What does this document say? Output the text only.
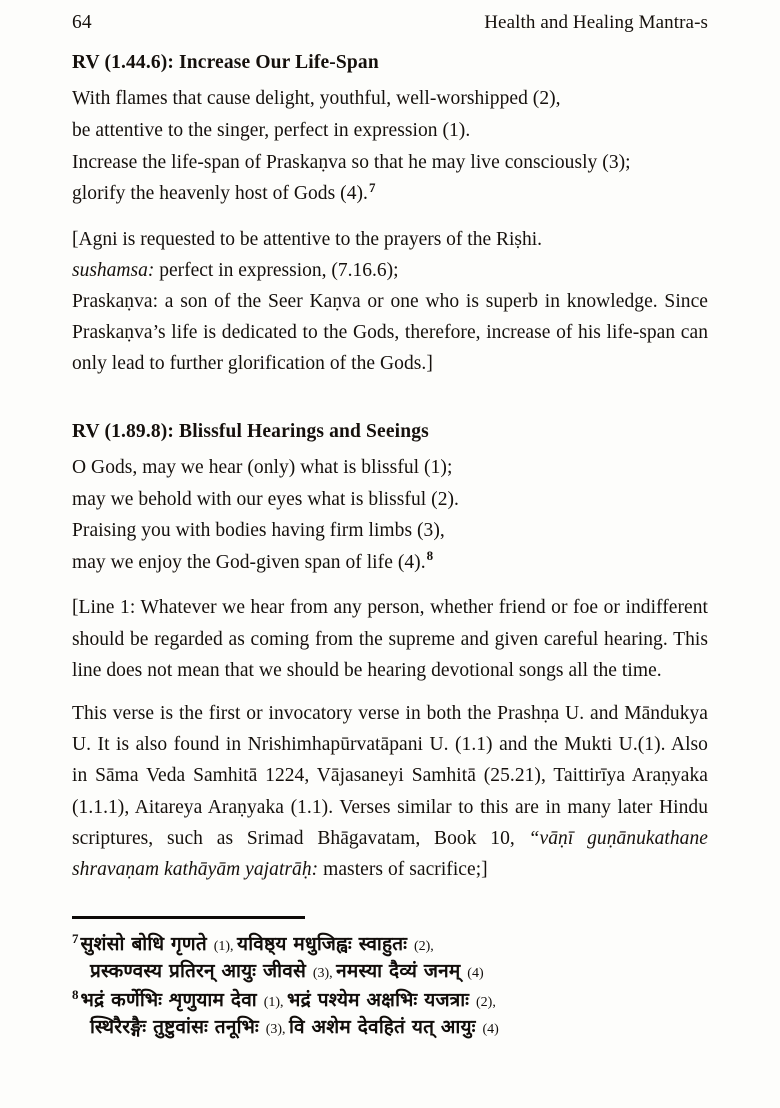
64	Health and Healing Mantra-s
RV (1.44.6): Increase Our Life-Span
With flames that cause delight, youthful, well-worshipped (2),
be attentive to the singer, perfect in expression (1).
Increase the life-span of Praskaṇva so that he may live consciously (3);
glorify the heavenly host of Gods (4).$^7$
[Agni is requested to be attentive to the prayers of the Riṣhi.
sushamsa: perfect in expression, (7.16.6);

Praskaṇva: a son of the Seer Kaṇva or one who is superb in knowledge. Since Praskaṇva’s life is dedicated to the Gods, therefore, increase of his life-span can only lead to further glorification of the Gods.]

RV (1.89.8): Blissful Hearings and Seeings
O Gods, may we hear (only) what is blissful (1);
may we behold with our eyes what is blissful (2).
Praising you with bodies having firm limbs (3),
may we enjoy the God-given span of life (4).$^8$

[Line 1: Whatever we hear from any person, whether friend or foe or indifferent should be regarded as coming from the supreme and given careful hearing. This line does not mean that we should be hearing devotional songs all the time.

This verse is the first or invocatory verse in both the Prashṇa U. and Māndukya U. It is also found in Nrishimhapūrvatāpani U. (1.1) and the Mukti U.(1). Also in Sāma Veda Samhitā 1224, Vājasaneyi Samhitā (25.21), Taittirīya Araṇyaka (1.1.1), Aitareya Araṇyaka (1.1). Verses similar to this are in many later Hindu scriptures, such as Srimad Bhāgavatam, Book 10, “vāṇī guṇānukathane shravaṇam kathāyām yajatrāḥ: masters of sacrifice;]

$^7$ सुशंसो बोधि गृणते (1), यविष्ठ्य मधुजिह्वः स्वाहुतः (2),
प्रस्कण्वस्य प्रतिरन् आयुः जीवसे (3), नमस्या दैव्यं जनम् (4)
$^8$ भद्रं कर्णेभिः शृणुयाम देवा (1), भद्रं पश्येम अक्षभिः यजत्राः (2),
स्थिरैरङ्गैः तुष्टुवांसः तनूभिः (3), वि अशेम देवहितं यत् आयुः (4)
